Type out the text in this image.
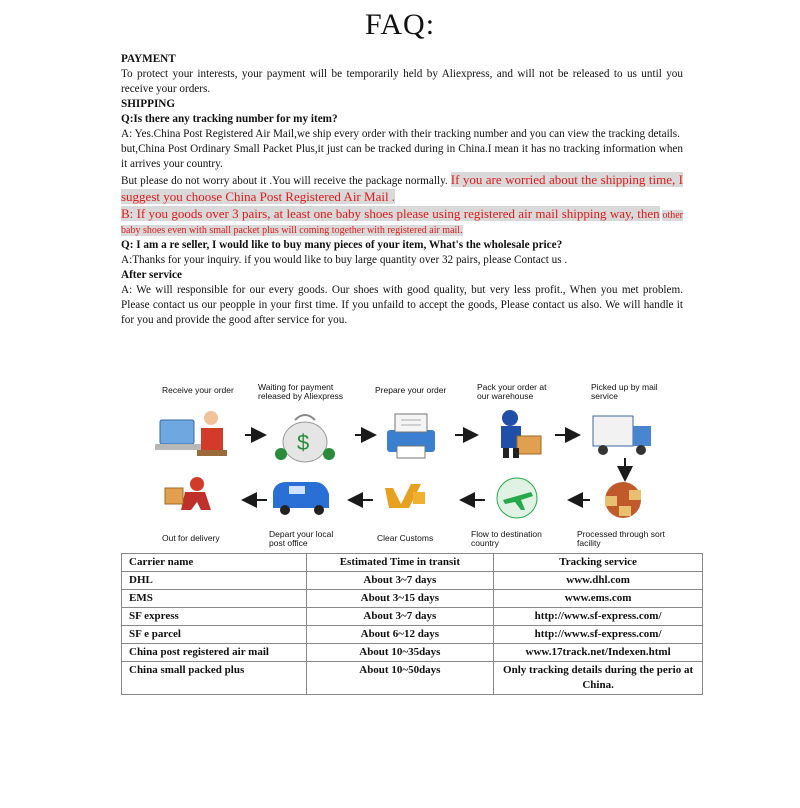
FAQ:

PAYMENT

To protect your interests, your payment will be temporarily held by Aliexpress, and will not be released to us until you receive your orders.

SHIPPING

Q:Is there any tracking number for my item?

A: Yes.China Post Registered Air Mail,we ship every order with their tracking number and you can view the tracking details.

but,China Post Ordinary Small Packet Plus,it just can be tracked during in China.I mean it has no tracking information when it arrives your country.

But please do not worry about it .You will receive the package normally. If you are worried about the shipping time, I suggest you choose China Post Registered Air Mail .

B: If you goods over 3 pairs, at least one baby shoes please using registered air mail shipping way, then other baby shoes even with small packet plus will coming together with registered air mail.

Q: I am a re seller, I would like to buy many pieces of your item, What's the wholesale price?

A:Thanks for your inquiry. if you would like to buy large quantity over 32 pairs, please Contact us .

After service

A: We will responsible for our every goods. Our shoes with good quality, but very less profit., When you met problem. Please contact us our peopple in your first time. If you unfaild to accept the goods, Please contact us also. We will handle it for you and provide the good after service for you.

$
Receive your order	Waiting for payment released by Aliexpress
Prepare your order	Pack your order at our warehouse
Picked up by mail service
Out for delivery	Depart your local post office	Clear Customs	Flow to destination country
Processed through sort facility
Carrier name	Estimated Time in transit	Tracking service
DHL	About 3~7 days	www.dhl.com
EMS	About 3~15 days	www.ems.com
SF express	About 3~7 days	http://www.sf-express.com/
SF e parcel	About 6~12 days	http://www.sf-express.com/
China post registered air mail	About 10~35days	www.17track.net/Indexen.html
China small packed plus	About 10~50days	Only tracking details during the perio at China.
